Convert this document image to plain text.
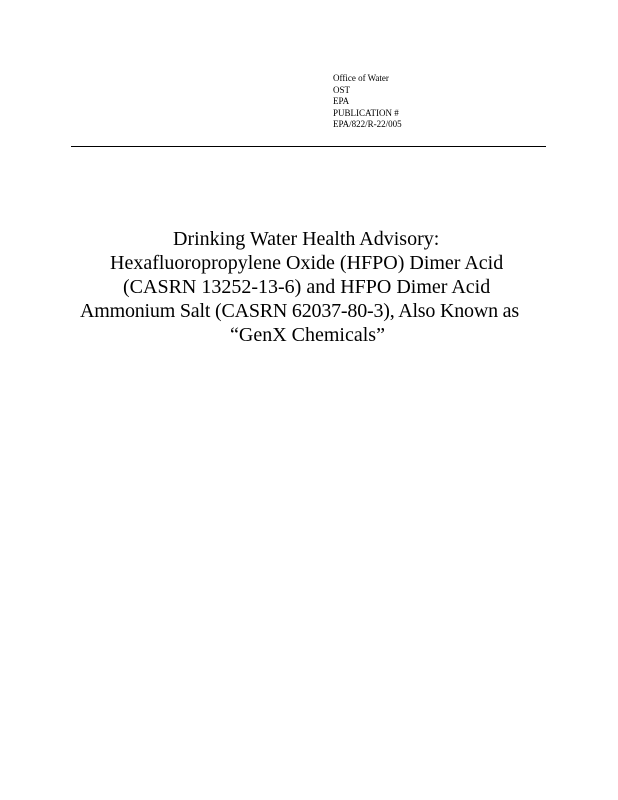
Office of Water
OST
EPA
PUBLICATION #
EPA/822/R-22/005
Drinking Water Health Advisory:
Hexafluoropropylene Oxide (HFPO) Dimer Acid
(CASRN 13252-13-6) and HFPO Dimer Acid
Ammonium Salt (CASRN 62037-80-3), Also Known as
“GenX Chemicals”
